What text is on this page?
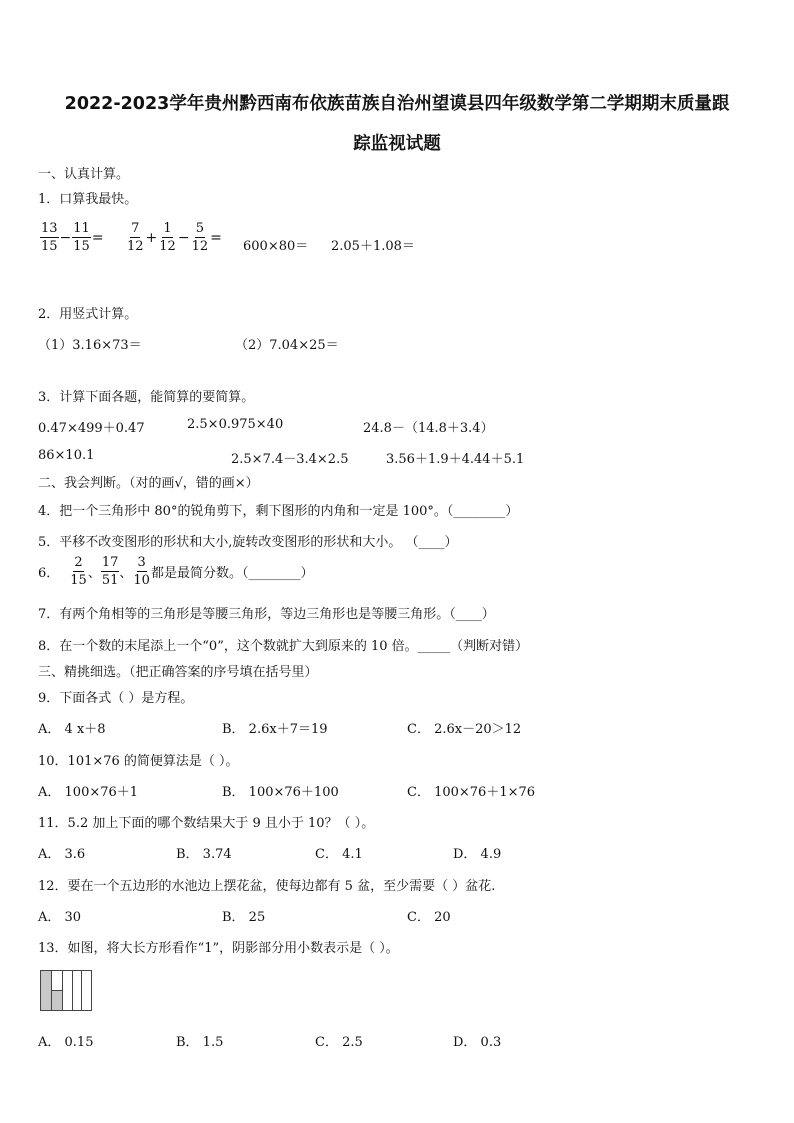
2022-2023学年贵州黔西南布依族苗族自治州望谟县四年级数学第二学期期末质量跟
踪监视试题
一、认真计算。
1．口算我最快。
$\frac{13}{15} - \frac{11}{15} = \frac{7}{12} + \frac{1}{12} - \frac{5}{12}$ =
600×80＝ 2.05＋1.08＝
2．用竖式计算。
（1）3.16×73＝	（2）7.04×25＝
3．计算下面各题，能简算的要简算。
0.47×499＋0.47	2.5×0.975×40	24.8－（14.8＋3.4）
86×10.1	2.5×7.4－3.4×2.5	3.56＋1.9＋4.44＋5.1
二、我会判断。（对的画√，错的画×）
4．把一个三角形中 80°的锐角剪下，剩下图形的内角和一定是 100°。（________）
5．平移不改变图形的形状和大小,旋转改变图形的形状和大小。 （____）
6． $\frac{2}{15}$ 、 $\frac{17}{51}$ 、 $\frac{3}{10}$ 都是最简分数。（________）
7．有两个角相等的三角形是等腰三角形，等边三角形也是等腰三角形。（____）
8．在一个数的末尾添上一个“0”，这个数就扩大到原来的 10 倍。_____（判断对错）
三、精挑细选。（把正确答案的序号填在括号里）
9．下面各式（ ）是方程。
A． 4 x＋8	B． 2.6x＋7＝19	C． 2.6x－20＞12
10．101×76 的简便算法是（ ）。
A． 100×76＋1	B． 100×76＋100	C． 100×76＋1×76
11．5.2 加上下面的哪个数结果大于 9 且小于 10？（ ）。
A． 3.6	B． 3.74	C． 4.1	D． 4.9
12．要在一个五边形的水池边上摆花盆，使每边都有 5 盆，至少需要（ ）盆花.
A． 30	B． 25	C． 20
13．如图，将大长方形看作“1”，阴影部分用小数表示是（ ）。
A． 0.15	B． 1.5	C． 2.5	D． 0.3
